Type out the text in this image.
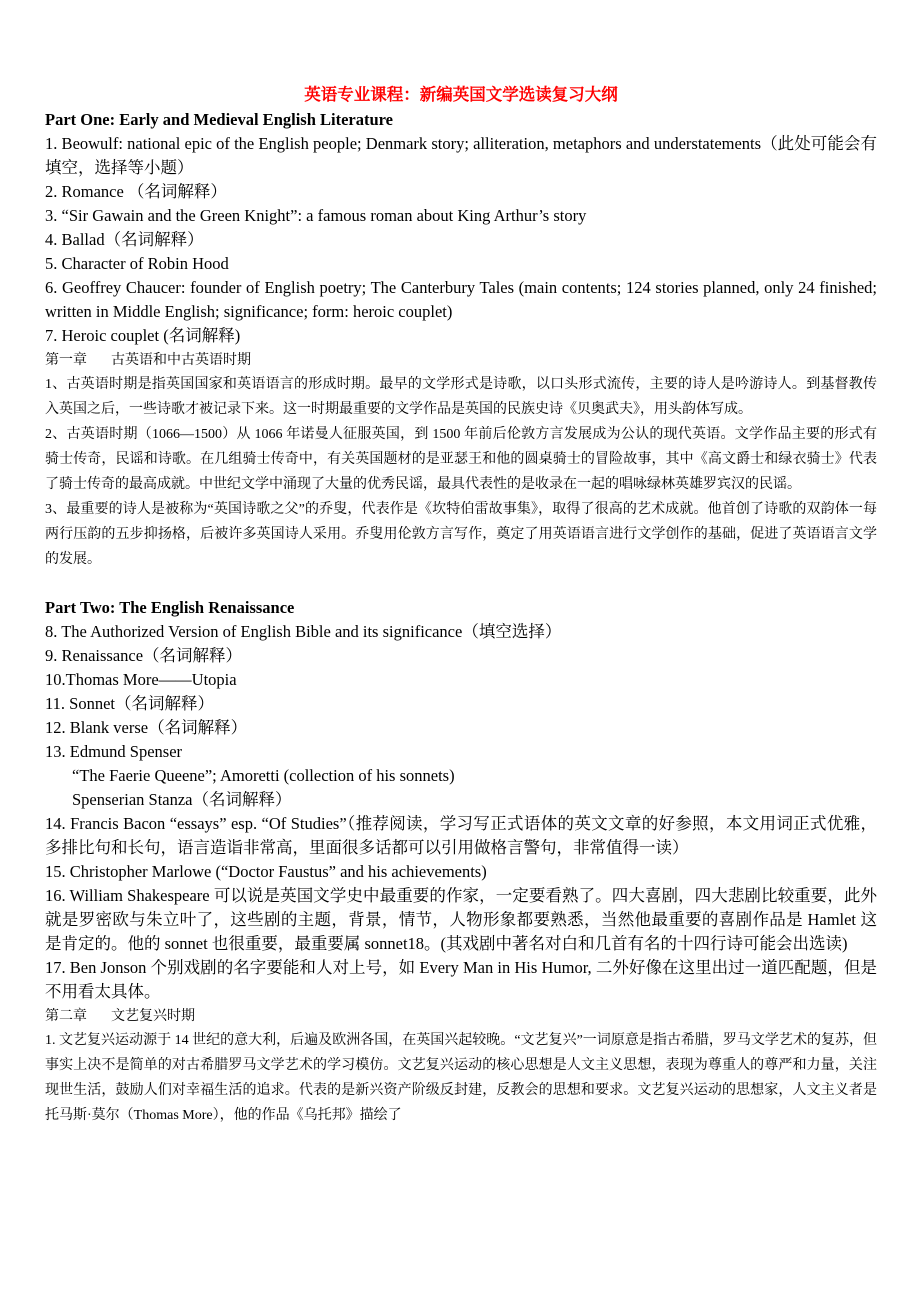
英语专业课程：新编英国文学选读复习大纲

Part One: Early and Medieval English Literature

1. Beowulf: national epic of the English people; Denmark story; alliteration, metaphors and understatements（此处可能会有填空，选择等小题）

2. Romance （名词解释）

3. “Sir Gawain and the Green Knight”: a famous roman about King Arthur’s story

4. Ballad（名词解释）

5. Character of Robin Hood

6. Geoffrey Chaucer: founder of English poetry; The Canterbury Tales (main contents; 124 stories planned, only 24 finished; written in Middle English; significance; form: heroic couplet)

7. Heroic couplet (名词解释)

第一章 古英语和中古英语时期

1、古英语时期是指英国国家和英语语言的形成时期。最早的文学形式是诗歌，以口头形式流传，主要的诗人是吟游诗人。到基督教传入英国之后，一些诗歌才被记录下来。这一时期最重要的文学作品是英国的民族史诗《贝奥武夫》，用头韵体写成。

2、古英语时期（1066—1500）从 1066 年诺曼人征服英国，到 1500 年前后伦敦方言发展成为公认的现代英语。文学作品主要的形式有骑士传奇，民谣和诗歌。在几组骑士传奇中，有关英国题材的是亚瑟王和他的圆桌骑士的冒险故事，其中《高文爵士和绿衣骑士》代表了骑士传奇的最高成就。中世纪文学中涌现了大量的优秀民谣，最具代表性的是收录在一起的唱咏绿林英雄罗宾汉的民谣。

3、最重要的诗人是被称为“英国诗歌之父”的乔叟，代表作是《坎特伯雷故事集》，取得了很高的艺术成就。他首创了诗歌的双韵体一每两行压韵的五步抑扬格，后被许多英国诗人采用。乔叟用伦敦方言写作，奠定了用英语语言进行文学创作的基础，促进了英语语言文学的发展。

Part Two: The English Renaissance

8. The Authorized Version of English Bible and its significance（填空选择）

9. Renaissance（名词解释）

10.Thomas More——Utopia

11. Sonnet（名词解释）

12. Blank verse（名词解释）

13. Edmund Spenser

“The Faerie Queene”; Amoretti (collection of his sonnets)

Spenserian Stanza（名词解释）

14. Francis Bacon “essays” esp. “Of Studies”（推荐阅读，学习写正式语体的英文文章的好参照，本文用词正式优雅，多排比句和长句，语言造诣非常高，里面很多话都可以引用做格言警句，非常值得一读）

15. Christopher Marlowe (“Doctor Faustus” and his achievements)

16. William Shakespeare 可以说是英国文学史中最重要的作家，一定要看熟了。四大喜剧，四大悲剧比较重要，此外就是罗密欧与朱立叶了，这些剧的主题，背景，情节，人物形象都要熟悉，当然他最重要的喜剧作品是 Hamlet 这是肯定的。他的 sonnet 也很重要，最重要属 sonnet18。(其戏剧中著名对白和几首有名的十四行诗可能会出选读)

17. Ben Jonson 个别戏剧的名字要能和人对上号，如 Every Man in His Humor, 二外好像在这里出过一道匹配题，但是不用看太具体。

第二章 文艺复兴时期

1. 文艺复兴运动源于 14 世纪的意大利，后遍及欧洲各国，在英国兴起较晚。“文艺复兴”一词原意是指古希腊，罗马文学艺术的复苏，但事实上决不是简单的对古希腊罗马文学艺术的学习模仿。文艺复兴运动的核心思想是人文主义思想，表现为尊重人的尊严和力量，关注现世生活，鼓励人们对幸福生活的追求。代表的是新兴资产阶级反封建，反教会的思想和要求。文艺复兴运动的思想家，人文主义者是托马斯·莫尔（Thomas More），他的作品《乌托邦》描绘了
